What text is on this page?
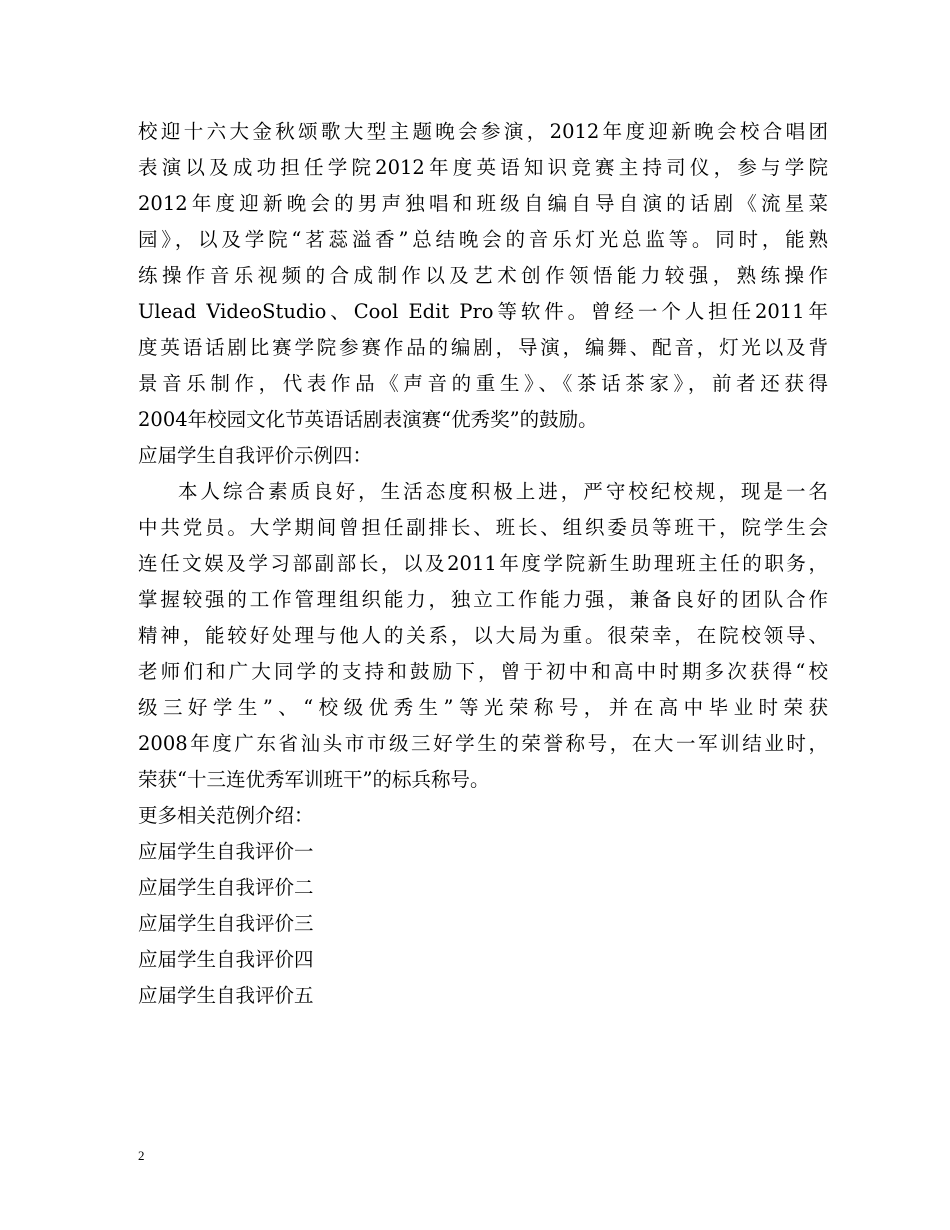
校迎十六大金秋颂歌大型主题晚会参演，2012年度迎新晚会校合唱团
表演以及成功担任学院2012年度英语知识竞赛主持司仪，参与学院
2012年度迎新晚会的男声独唱和班级自编自导自演的话剧《流星菜
园》，以及学院“茗蕊溢香”总结晚会的音乐灯光总监等。同时，能熟
练操作音乐视频的合成制作以及艺术创作领悟能力较强，熟练操作
Ulead VideoStudio、Cool Edit Pro等软件。曾经一个人担任2011年
度英语话剧比赛学院参赛作品的编剧，导演，编舞、配音，灯光以及背
景音乐制作，代表作品《声音的重生》、《茶话茶家》，前者还获得
2004年校园文化节英语话剧表演赛“优秀奖”的鼓励。
应届学生自我评价示例四：
本人综合素质良好，生活态度积极上进，严守校纪校规，现是一名
中共党员。大学期间曾担任副排长、班长、组织委员等班干，院学生会
连任文娱及学习部副部长，以及2011年度学院新生助理班主任的职务，
掌握较强的工作管理组织能力，独立工作能力强，兼备良好的团队合作
精神，能较好处理与他人的关系，以大局为重。很荣幸，在院校领导、
老师们和广大同学的支持和鼓励下，曾于初中和高中时期多次获得“校
级三好学生”、“校级优秀生”等光荣称号，并在高中毕业时荣获
2008年度广东省汕头市市级三好学生的荣誉称号，在大一军训结业时，
荣获“十三连优秀军训班干”的标兵称号。
更多相关范例介绍：
应届学生自我评价一
应届学生自我评价二
应届学生自我评价三
应届学生自我评价四
应届学生自我评价五
2
